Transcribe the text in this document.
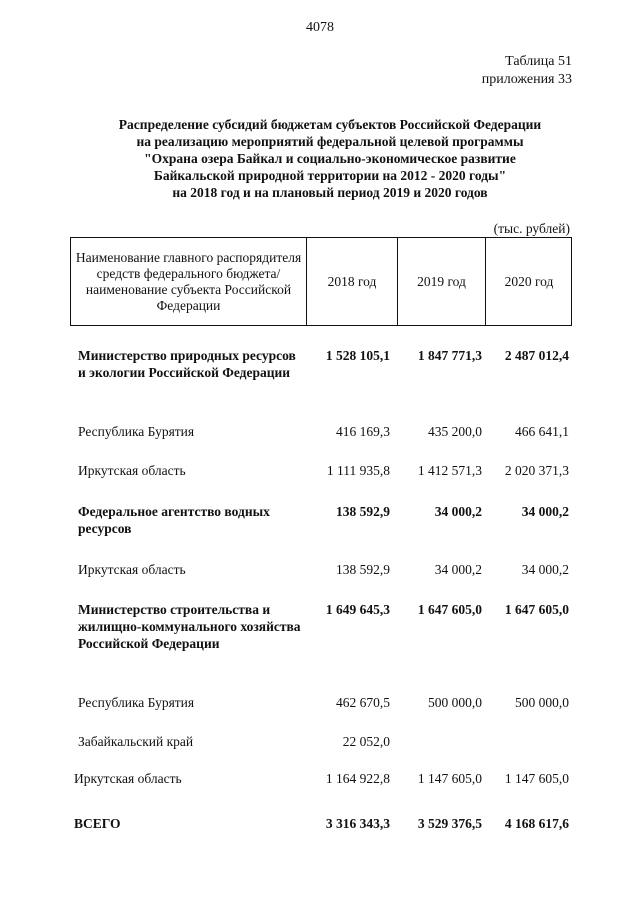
4078
Таблица 51
приложения 33
Распределение субсидий бюджетам субъектов Российской Федерации
на реализацию мероприятий федеральной целевой программы
"Охрана озера Байкал и социально-экономическое развитие
Байкальской природной территории на 2012 - 2020 годы"
на 2018 год и на плановый период 2019 и 2020 годов
(тыс. рублей)
Наименование главного распорядителя средств федерального бюджета/наименование субъекта Российской Федерации
2018 год	2019 год	2020 год
Министерство природных ресурсов и экологии Российской Федерации
1 528 105,1	1 847 771,3	2 487 012,4
Республика Бурятия	416 169,3	435 200,0	466 641,1
Иркутская область	1 111 935,8	1 412 571,3	2 020 371,3
Федеральное агентство водных ресурсов
138 592,9	34 000,2	34 000,2
Иркутская область	138 592,9	34 000,2	34 000,2
Министерство строительства и жилищно-коммунального хозяйства Российской Федерации
1 649 645,3	1 647 605,0	1 647 605,0
Республика Бурятия	462 670,5	500 000,0	500 000,0
Забайкальский край	22 052,0
Иркутская область	1 164 922,8	1 147 605,0	1 147 605,0
ВСЕГО	3 316 343,3	3 529 376,5	4 168 617,6
